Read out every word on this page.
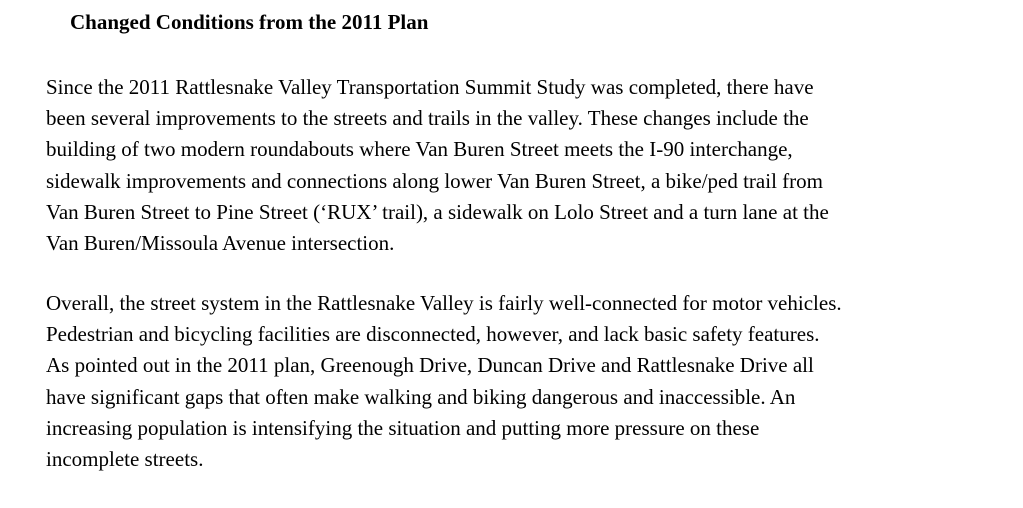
Changed Conditions from the 2011 Plan

Since the 2011 Rattlesnake Valley Transportation Summit Study was completed, there have
been several improvements to the streets and trails in the valley. These changes include the
building of two modern roundabouts where Van Buren Street meets the I-90 interchange,
sidewalk improvements and connections along lower Van Buren Street, a bike/ped trail from
Van Buren Street to Pine Street (‘RUX’ trail), a sidewalk on Lolo Street and a turn lane at the
Van Buren/Missoula Avenue intersection.

Overall, the street system in the Rattlesnake Valley is fairly well-connected for motor vehicles.
Pedestrian and bicycling facilities are disconnected, however, and lack basic safety features.
As pointed out in the 2011 plan, Greenough Drive, Duncan Drive and Rattlesnake Drive all
have significant gaps that often make walking and biking dangerous and inaccessible. An
increasing population is intensifying the situation and putting more pressure on these
incomplete streets.
